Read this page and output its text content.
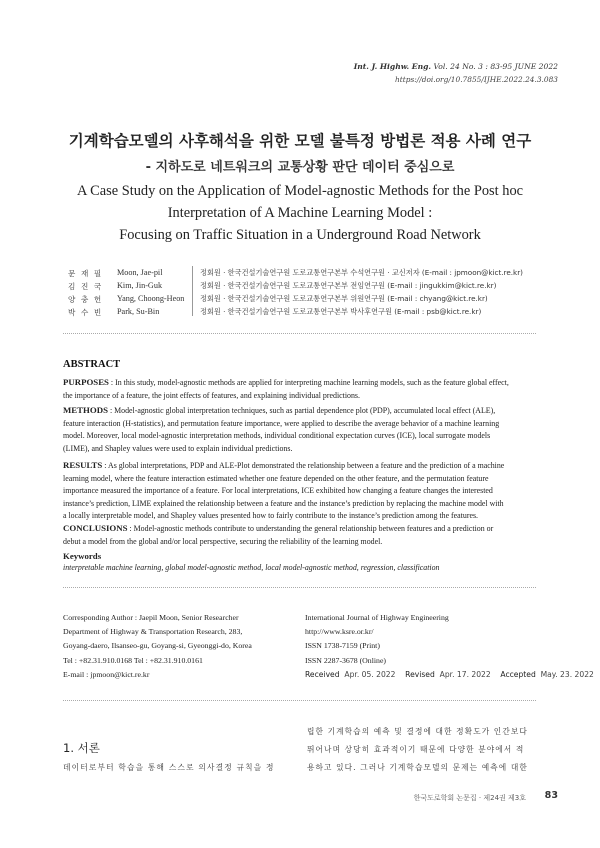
Int. J. Highw. Eng. Vol. 24 No. 3 : 83-95 JUNE 2022
https://doi.org/10.7855/IJHE.2022.24.3.083
기계학습모델의 사후해석을 위한 모델 불특정 방법론 적용 사례 연구
- 지하도로 네트워크의 교통상황 판단 데이터 중심으로
A Case Study on the Application of Model-agnostic Methods for the Post hoc
Interpretation of A Machine Learning Model :
Focusing on Traffic Situation in a Underground Road Network
문 재 필	Moon, Jae-pil	정회원 · 한국건설기술연구원 도로교통연구본부 수석연구원 · 교신저자 (E-mail : jpmoon@kict.re.kr)
김 진 국	Kim, Jin-Guk	정회원 · 한국건설기술연구원 도로교통연구본부 전임연구원 (E-mail : jingukkim@kict.re.kr)
양 충 헌	Yang, Choong-Heon 정회원 · 한국건설기술연구원 도로교통연구본부 위원연구원 (E-mail : chyang@kict.re.kr)
박 수 빈	Park, Su-Bin	정회원 · 한국건설기술연구원 도로교통연구본부 박사후연구원 (E-mail : psb@kict.re.kr)
ABSTRACT
PURPOSES : In this study, model-agnostic methods are applied for interpreting machine learning models, such as the feature global effect,
the importance of a feature, the joint effects of features, and explaining individual predictions.
METHODS : Model-agnostic global interpretation techniques, such as partial dependence plot (PDP), accumulated local effect (ALE),
feature interaction (H-statistics), and permutation feature importance, were applied to describe the average behavior of a machine learning
model. Moreover, local model-agnostic interpretation methods, individual conditional expectation curves (ICE), local surrogate models
(LIME), and Shapley values were used to explain individual predictions.
RESULTS : As global interpretations, PDP and ALE-Plot demonstrated the relationship between a feature and the prediction of a machine
learning model, where the feature interaction estimated whether one feature depended on the other feature, and the permutation feature
importance measured the importance of a feature. For local interpretations, ICE exhibited how changing a feature changes the interested
instance’s prediction, LIME explained the relationship between a feature and the instance’s prediction by replacing the machine model with
a locally interpretable model, and Shapley values presented how to fairly contribute to the instance’s prediction among the features.
CONCLUSIONS : Model-agnostic methods contribute to understanding the general relationship between features and a prediction or
debut a model from the global and/or local perspective, securing the reliability of the learning model.
Keywords
interpretable machine learning, global model-agnostic method, local model-agnostic method, regression, classification
Corresponding Author : Jaepil Moon, Senior Researcher
Department of Highway & Transportation Research, 283,
Goyang-daero, Ilsanseo-gu, Goyang-si, Gyeonggi-do, Korea
Tel : +82.31.910.0168 Tel : +82.31.910.0161
E-mail : jpmoon@kict.re.kr
International Journal of Highway Engineering
http://www.ksre.or.kr/
ISSN 1738-7159 (Print)
ISSN 2287-3678 (Online)
Received Apr. 05. 2022 Revised Apr. 17. 2022 Accepted May. 23. 2022
1. 서론
데이터로부터 학습을 통해 스스로 의사결정 규칙을 정
립한 기계학습의 예측 및 결정에 대한 정확도가 인간보다
뛰어나며 상당히 효과적이기 때문에 다양한 분야에서 적
용하고 있다. 그러나 기계학습모델의 문제는 예측에 대한
한국도로학회 논문집 · 제24권 제3호 83
